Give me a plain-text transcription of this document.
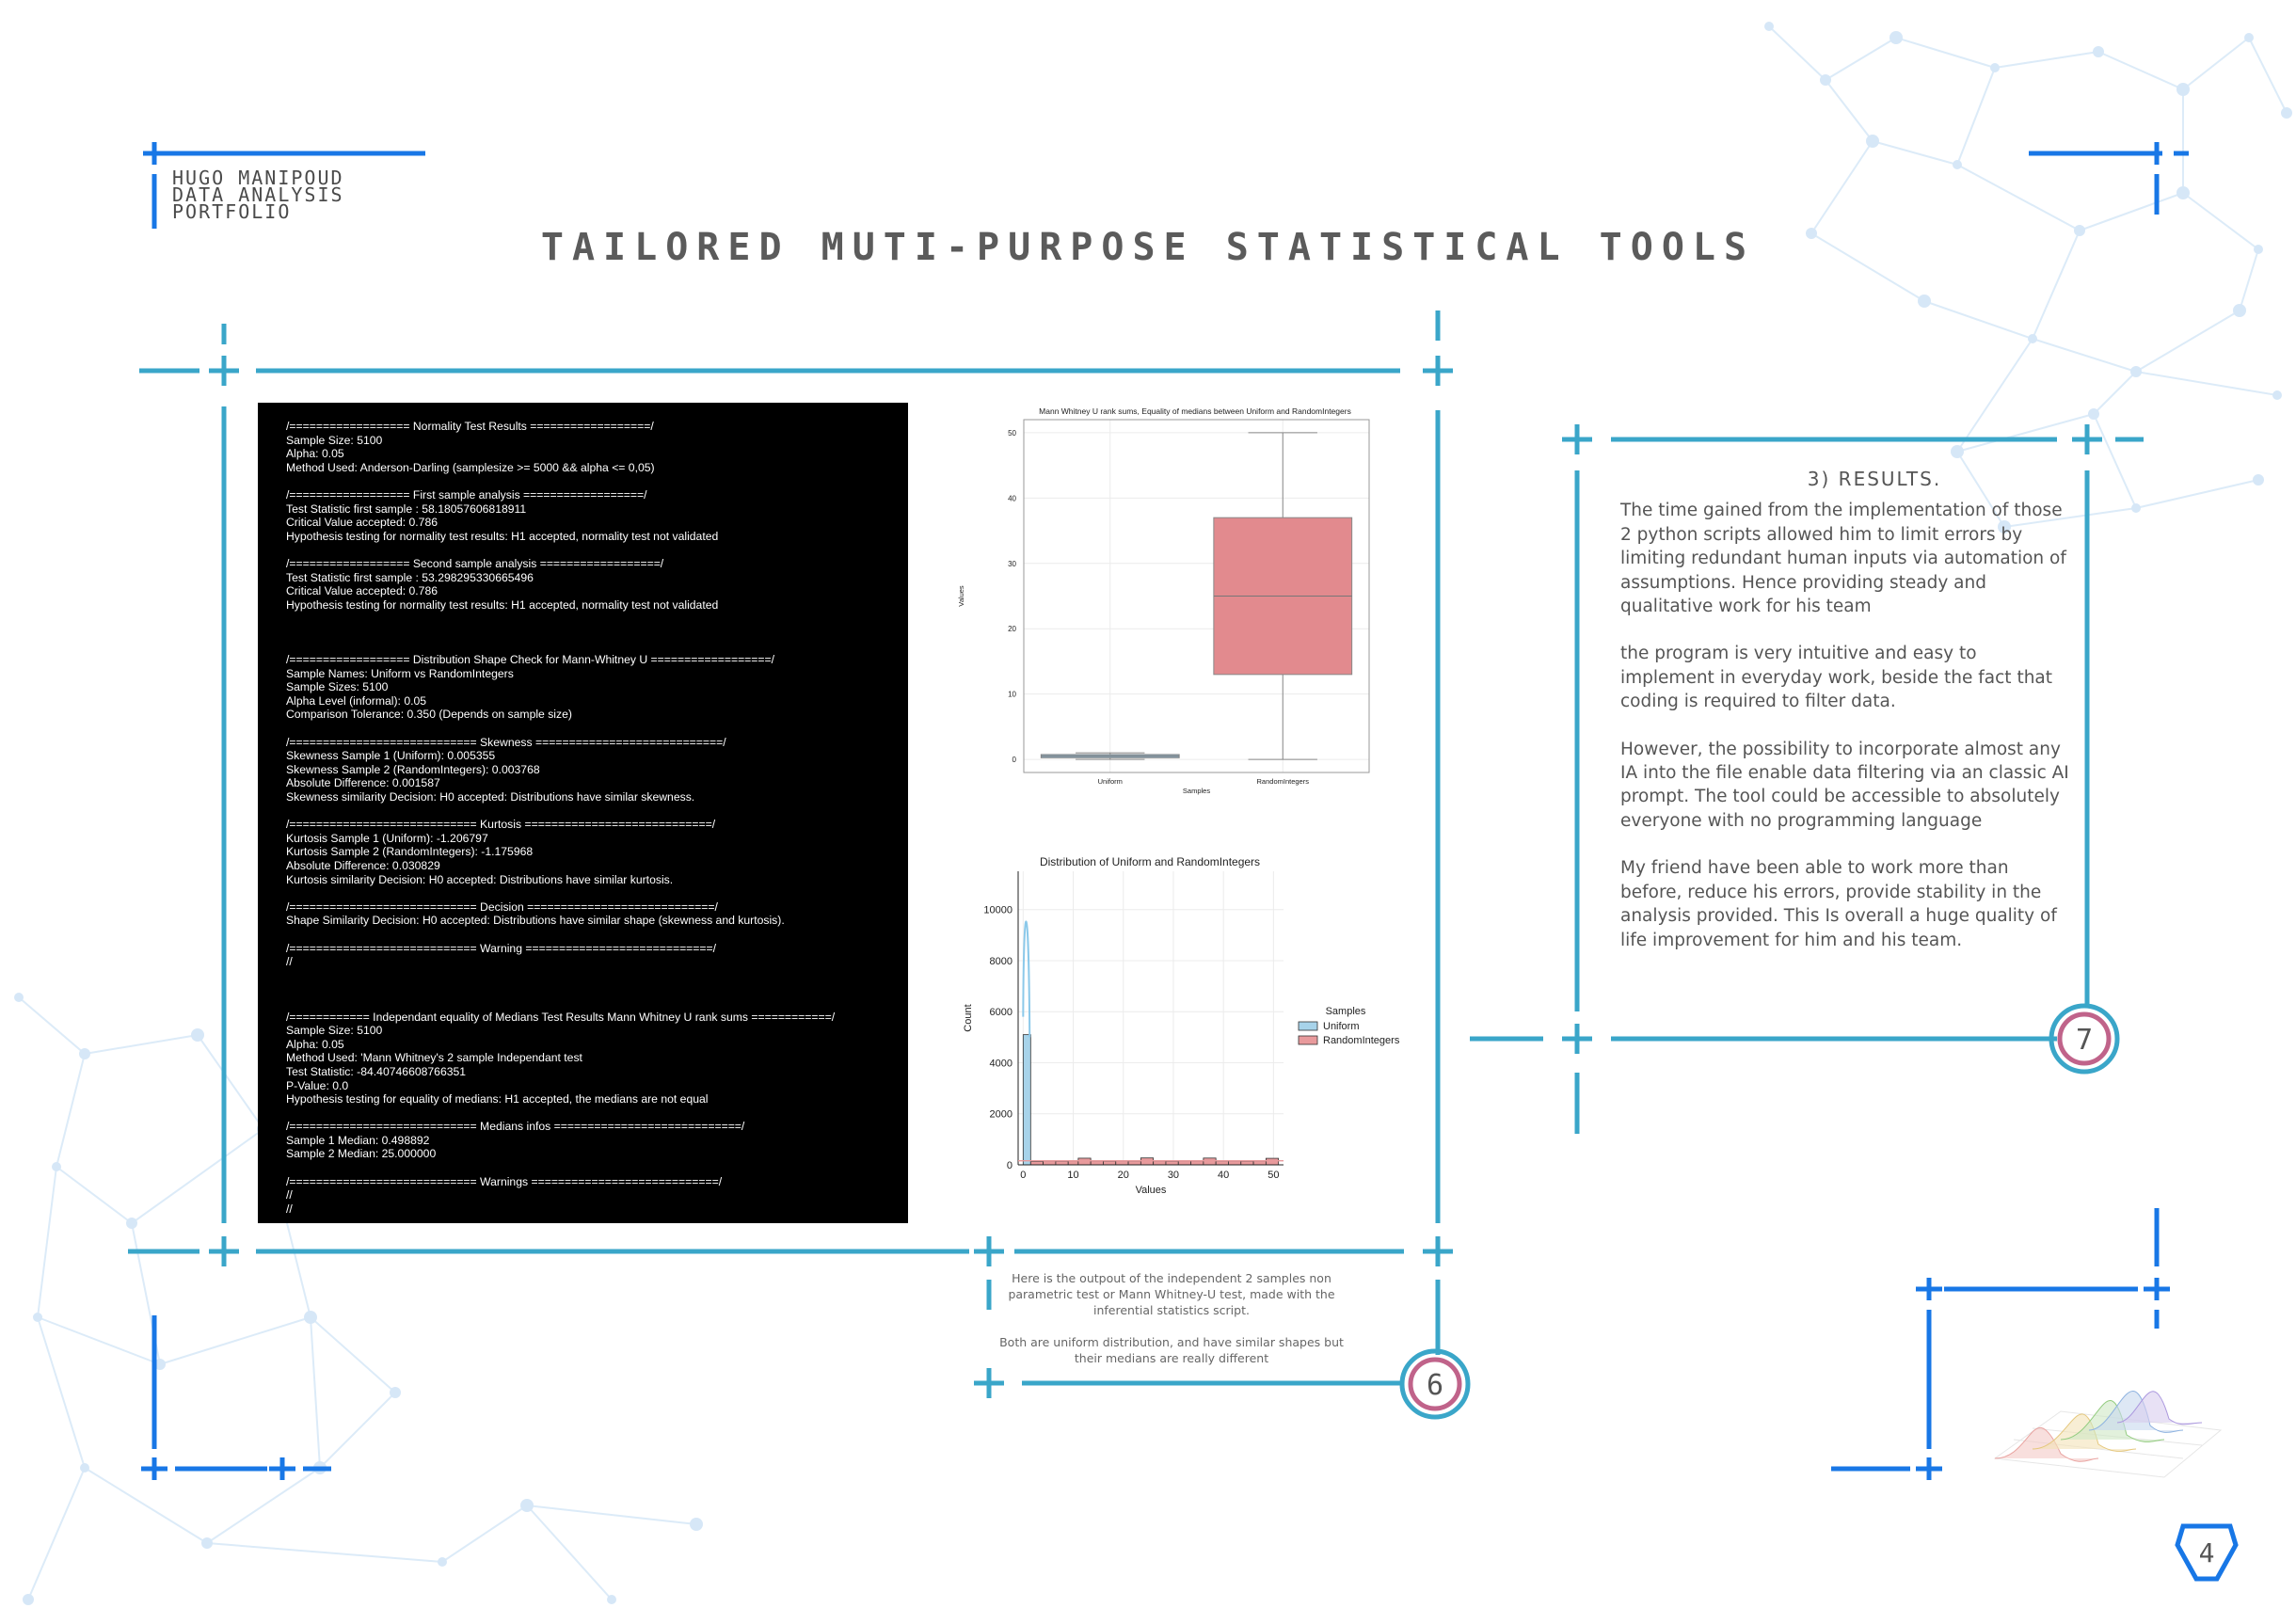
HUGO MANIPOUD
DATA ANALYSIS
PORTFOLIO
TAILORED MUTI-PURPOSE STATISTICAL TOOLS
/================== Normality Test Results ==================/
Sample Size: 5100
Alpha: 0.05
Method Used: Anderson-Darling (samplesize >= 5000 && alpha <= 0,05)
/================== First sample analysis ==================/
Test Statistic first sample : 58.18057606818911
Critical Value accepted: 0.786
Hypothesis testing for normality test results: H1 accepted, normality test not validated
/================== Second sample analysis ==================/
Test Statistic first sample : 53.298295330665496
Critical Value accepted: 0.786
Hypothesis testing for normality test results: H1 accepted, normality test not validated
/================== Distribution Shape Check for Mann-Whitney U ==================/
Sample Names: Uniform vs RandomIntegers
Sample Sizes: 5100
Alpha Level (informal): 0.05
Comparison Tolerance: 0.350 (Depends on sample size)
/============================ Skewness ============================/
Skewness Sample 1 (Uniform): 0.005355
Skewness Sample 2 (RandomIntegers): 0.003768
Absolute Difference: 0.001587
Skewness similarity Decision: H0 accepted: Distributions have similar skewness.
/============================ Kurtosis ============================/
Kurtosis Sample 1 (Uniform): -1.206797
Kurtosis Sample 2 (RandomIntegers): -1.175968
Absolute Difference: 0.030829
Kurtosis similarity Decision: H0 accepted: Distributions have similar kurtosis.
/============================ Decision ============================/
Shape Similarity Decision: H0 accepted: Distributions have similar shape (skewness and kurtosis).
/============================ Warning ============================/
//
/============ Independant equality of Medians Test Results Mann Whitney U rank sums ============/
Sample Size: 5100
Alpha: 0.05
Method Used: 'Mann Whitney's 2 sample Independant test
Test Statistic: -84.40746608766351
P-Value: 0.0
Hypothesis testing for equality of medians: H1 accepted, the medians are not equal
/============================ Medians infos ============================/
Sample 1 Median: 0.498892
Sample 2 Median: 25.000000
/============================ Warnings ============================/
//
//
Mann Whitney U rank sums, Equality of medians between Uniform and RandomIntegers
0
10
20
30
40
50
Uniform	RandomIntegers
Samples
Values
Distribution of Uniform and RandomIntegers
0
2000
4000
6000
8000
10000
0	10	20	30	40	50
Values
Count	Samples
Uniform
RandomIntegers

Here is the outpout of the independent 2 samples non parametric test or Mann Whitney-U test, made with the inferential statistics script.

Both are uniform distribution, and have similar shapes but their medians are really different

3) RESULTS.

The time gained from the implementation of those 2 python scripts allowed him to limit errors by limiting redundant human inputs via automation of assumptions. Hence providing steady and qualitative work for his team

the program is very intuitive and easy to implement in everyday work, beside the fact that coding is required to filter data.

However, the possibility to incorporate almost any IA into the file enable data filtering via an classic AI prompt. The tool could be accessible to absolutely everyone with no programming language

My friend have been able to work more than before, reduce his errors, provide stability in the analysis provided. This Is overall a huge quality of life improvement for him and his team.

6
7
4
